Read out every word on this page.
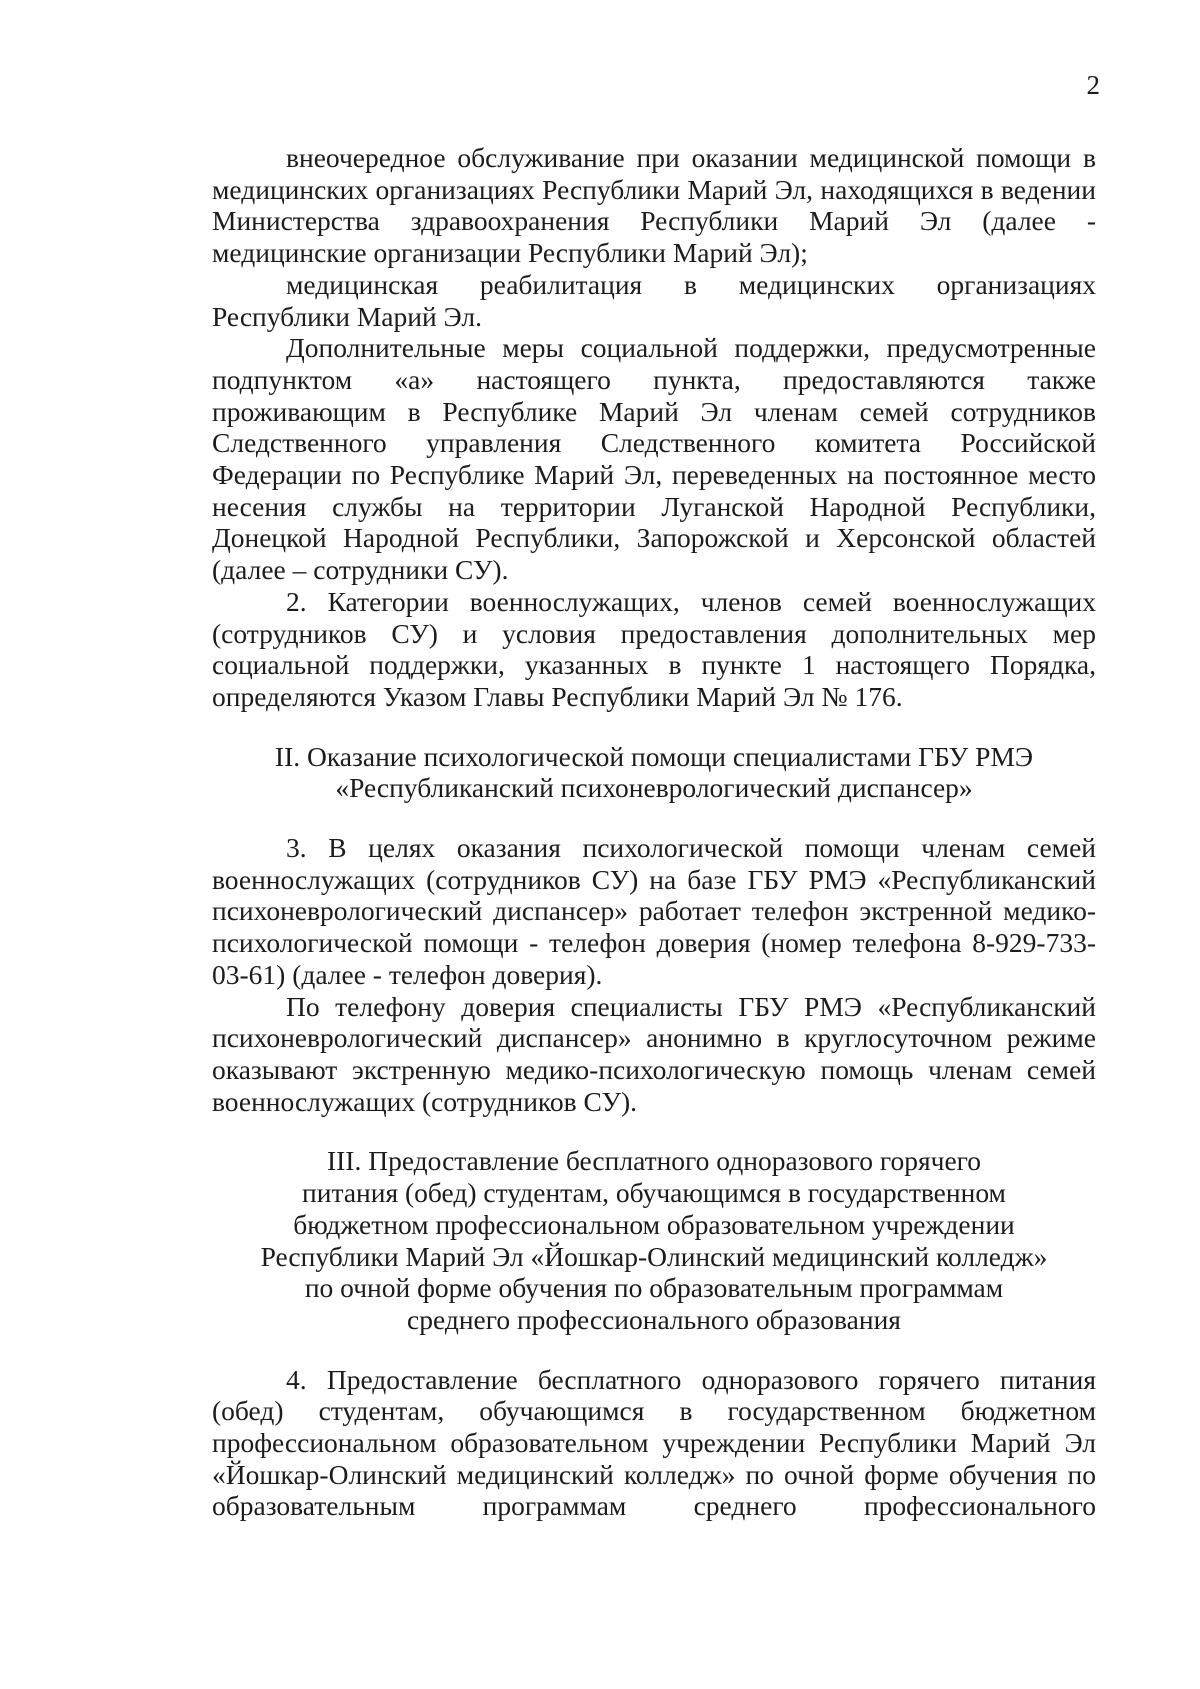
2

внеочередное обслуживание при оказании медицинской помощи в медицинских организациях Республики Марий Эл, находящихся в ведении Министерства здравоохранения Республики Марий Эл (далее - медицинские организации Республики Марий Эл);

медицинская реабилитация в медицинских организациях Республики Марий Эл.

Дополнительные меры социальной поддержки, предусмотренные подпунктом «а» настоящего пункта, предоставляются также проживающим в Республике Марий Эл членам семей сотрудников Следственного управления Следственного комитета Российской Федерации по Республике Марий Эл, переведенных на постоянное место несения службы на территории Луганской Народной Республики, Донецкой Народной Республики, Запорожской и Херсонской областей (далее – сотрудники СУ).

2. Категории военнослужащих, членов семей военнослужащих (сотрудников СУ) и условия предоставления дополнительных мер социальной поддержки, указанных в пункте 1 настоящего Порядка, определяются Указом Главы Республики Марий Эл № 176.

II. Оказание психологической помощи специалистами ГБУ РМЭ

«Республиканский психоневрологический диспансер»

3. В целях оказания психологической помощи членам семей военнослужащих (сотрудников СУ) на базе ГБУ РМЭ «Республиканский психоневрологический диспансер» работает телефон экстренной медико-психологической помощи - телефон доверия (номер телефона 8-929-733-03-61) (далее - телефон доверия).

По телефону доверия специалисты ГБУ РМЭ «Республиканский психоневрологический диспансер» анонимно в круглосуточном режиме оказывают экстренную медико-психологическую помощь членам семей военнослужащих (сотрудников СУ).

III. Предоставление бесплатного одноразового горячего

питания (обед) студентам, обучающимся в государственном

бюджетном профессиональном образовательном учреждении

Республики Марий Эл «Йошкар-Олинский медицинский колледж»

по очной форме обучения по образовательным программам

среднего профессионального образования

4. Предоставление бесплатного одноразового горячего питания (обед) студентам, обучающимся в государственном бюджетном профессиональном образовательном учреждении Республики Марий Эл «Йошкар-Олинский медицинский колледж» по очной форме обучения по образовательным программам среднего профессионального
